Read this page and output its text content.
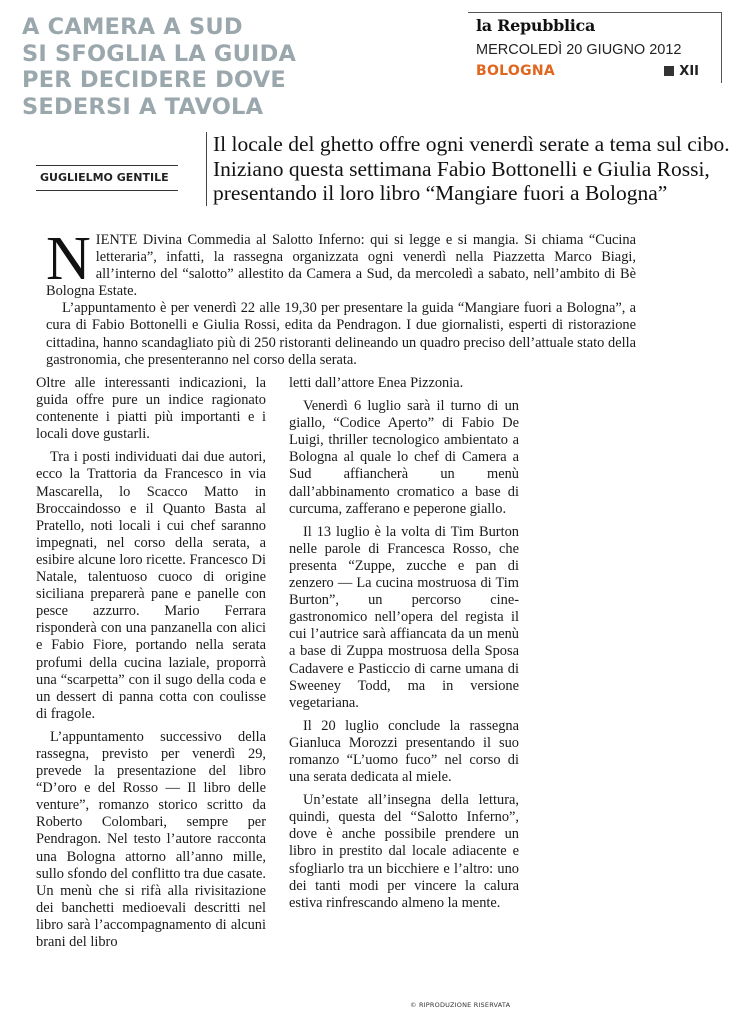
A CAMERA A SUD
SI SFOGLIA LA GUIDA
PER DECIDERE DOVE
SEDERSI A TAVOLA
la Repubblica
MERCOLEDÌ 20 GIUGNO 2012
BOLOGNA	XII
GUGLIELMO GENTILE
Il locale del ghetto offre ogni venerdì serate a tema sul cibo.
Iniziano questa settimana Fabio Bottonelli e Giulia Rossi,
presentando il loro libro “Mangiare fuori a Bologna”

NIENTE Divina Commedia al Salotto Inferno: qui si legge e si mangia. Si chiama “Cucina letteraria”, infatti, la rassegna organizzata ogni venerdì nella Piazzetta Marco Biagi, all’interno del “salotto” allestito da Camera a Sud, da mercoledì a sabato, nell’ambito di Bè Bologna Estate.

L’appuntamento è per venerdì 22 alle 19,30 per presentare la guida “Mangiare fuori a Bologna”, a cura di Fabio Bottonelli e Giulia Rossi, edita da Pendragon. I due giornalisti, esperti di ristorazione cittadina, hanno scandagliato più di 250 ristoranti delineando un quadro preciso dell’attuale stato della gastronomia, che presenteranno nel corso della serata.

Oltre alle interessanti indicazioni, la guida offre pure un indice ragionato contenente i piatti più importanti e i locali dove gustarli.

Tra i posti individuati dai due autori, ecco la Trattoria da Francesco in via Mascarella, lo Scacco Matto in Broccaindosso e il Quanto Basta al Pratello, noti locali i cui chef saranno impegnati, nel corso della serata, a esibire alcune loro ricette. Francesco Di Natale, talentuoso cuoco di origine siciliana preparerà pane e panelle con pesce azzurro. Mario Ferrara risponderà con una panzanella con alici e Fabio Fiore, portando nella serata profumi della cucina laziale, proporrà una “scarpetta” con il sugo della coda e un dessert di panna cotta con coulisse di fragole.

L’appuntamento successivo della rassegna, previsto per venerdì 29, prevede la presentazione del libro “D’oro e del Rosso — Il libro delle venture”, romanzo storico scritto da Roberto Colombari, sempre per Pendragon. Nel testo l’autore racconta una Bologna attorno all’anno mille, sullo sfondo del conflitto tra due casate. Un menù che si rifà alla rivisitazione dei banchetti medioevali descritti nel libro sarà l’accompagnamento di alcuni brani del libro

letti dall’attore Enea Pizzonia.

Venerdì 6 luglio sarà il turno di un giallo, “Codice Aperto” di Fabio De Luigi, thriller tecnologico ambientato a Bologna al quale lo chef di Camera a Sud affiancherà un menù dall’abbinamento cromatico a base di curcuma, zafferano e peperone giallo.

Il 13 luglio è la volta di Tim Burton nelle parole di Francesca Rosso, che presenta “Zuppe, zucche e pan di zenzero — La cucina mostruosa di Tim Burton”, un percorso cine-gastronomico nell’opera del regista il cui l’autrice sarà affiancata da un menù a base di Zuppa mostruosa della Sposa Cadavere e Pasticcio di carne umana di Sweeney Todd, ma in versione vegetariana.

Il 20 luglio conclude la rassegna Gianluca Morozzi presentando il suo romanzo “L’uomo fuco” nel corso di una serata dedicata al miele.

Un’estate all’insegna della lettura, quindi, questa del “Salotto Inferno”, dove è anche possibile prendere un libro in prestito dal locale adiacente e sfogliarlo tra un bicchiere e l’altro: uno dei tanti modi per vincere la calura estiva rinfrescando almeno la mente.

© RIPRODUZIONE RISERVATA
